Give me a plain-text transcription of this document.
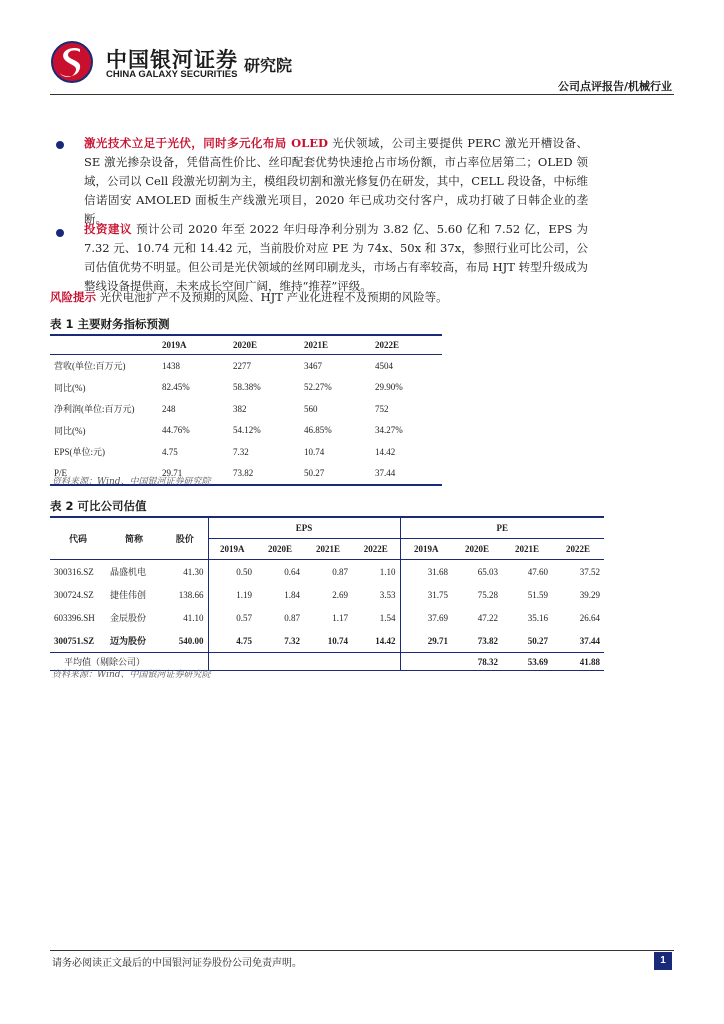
中国银河证券
CHINA GALAXY SECURITIES 研究院
公司点评报告/机械行业
激光技术立足于光伏，同时多元化布局 OLED 光伏领域，公司主要提供 PERC 激光开槽设备、SE 激光掺杂设备，凭借高性价比、丝印配套优势快速抢占市场份额，市占率位居第二；OLED 领域，公司以 Cell 段激光切割为主，模组段切割和激光修复仍在研发，其中，CELL 段设备，中标维信诺固安 AMOLED 面板生产线激光项目，2020 年已成功交付客户，成功打破了日韩企业的垄断。
投资建议 预计公司 2020 年至 2022 年归母净利分别为 3.82 亿、5.60 亿和 7.52 亿，EPS 为 7.32 元、10.74 元和 14.42 元，当前股价对应 PE 为 74x、50x 和 37x，参照行业可比公司，公司估值优势不明显。但公司是光伏领域的丝网印刷龙头，市场占有率较高，布局 HJT 转型升级成为整线设备提供商，未来成长空间广阔，维持“推荐”评级。
风险提示 光伏电池扩产不及预期的风险、HJT 产业化进程不及预期的风险等。
表 1 主要财务指标预测
	2019A	2020E	2021E	2022E
营收(单位:百万元)	1438	2277	3467	4504
同比(%)	82.45%	58.38%	52.27%	29.90%
净利润(单位:百万元)	248	382	560	752
同比(%)	44.76%	54.12%	46.85%	34.27%
EPS(单位:元)	4.75	7.32	10.74	14.42
P/E	29.71	73.82	50.27	37.44
资料来源：Wind、中国银河证券研究院
表 2 可比公司估值
代码	简称	股价	EPS				PE			
			2019A	2020E	2021E	2022E	2019A	2020E	2021E	2022E
300316.SZ	晶盛机电	41.30	0.50	0.64	0.87	1.10	31.68	65.03	47.60	37.52
300724.SZ	捷佳伟创	138.66	1.19	1.84	2.69	3.53	31.75	75.28	51.59	39.29
603396.SH	金辰股份	41.10	0.57	0.87	1.17	1.54	37.69	47.22	35.16	26.64
300751.SZ	迈为股份	540.00	4.75	7.32	10.74	14.42	29.71	73.82	50.27	37.44
平均值（剔除公司）								78.32	53.69	41.88
资料来源：Wind、中国银河证券研究院
请务必阅读正文最后的中国银河证券股份公司免责声明。	1
